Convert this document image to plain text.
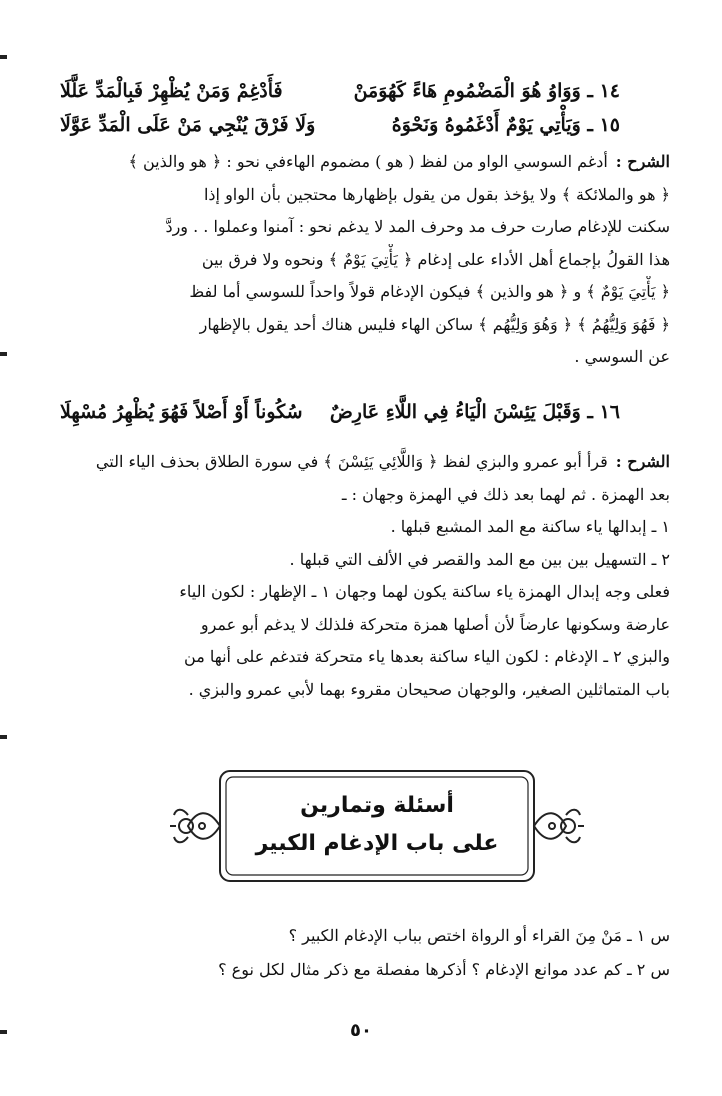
١٤ ـ وَوَاوُ هُوَ الْمَضْمُومِ هَاءً كَهُوَمَنْ
فَأَدْغِمْ وَمَنْ يُظْهِرْ فَبِالْمَدِّ عَلَّلَا
١٥ ـ وَيَأْتِي يَوْمٌ أَدْغَمُوهُ وَنَحْوَهُ
وَلَا فَرْقَ يُنْجِي مَنْ عَلَى الْمَدِّ عَوَّلَا
الشرح :أدغم السوسي الواو من لفظ ( هو ) مضموم الهاءفي نحو : ﴿ هو والذين ﴾
﴿ هو والملائكة ﴾ ولا يؤخذ بقول من يقول بإظهارها محتجين بأن الواو إذا
سكنت للإدغام صارت حرف مد وحرف المد لا يدغم نحو : آمنوا وعملوا . . وردَّ
هذا القولُ بإجماع أهل الأداء على إدغام ﴿ يَأْتِيَ يَوْمٌ ﴾ ونحوه ولا فرق بين
﴿ يَأْتِيَ يَوْمٌ ﴾ و ﴿ هو والذين ﴾ فيكون الإدغام قولاً واحداً للسوسي أما لفظ
﴿ فَهُوَ وَلِيُّهُمُ ﴾ ﴿ وَهُوَ وَلِيُّهُم ﴾ ساكن الهاء فليس هناك أحد يقول بالإظهار
عن السوسي .
١٦ ـ وَقَبْلَ يَئِسْنَ الْيَاءُ فِي اللَّاءِ عَارِضٌ
سُكُوناً أَوْ أَصْلاً فَهُوَ يُظْهِرُ مُسْهِلَا
الشرح :قرأ أبو عمرو والبزي لفظ ﴿ وَاللَّائِي يَئِسْنَ ﴾ في سورة الطلاق بحذف الياء التي
بعد الهمزة . ثم لهما بعد ذلك في الهمزة وجهان : ـ
١ ـ إبدالها ياء ساكنة مع المد المشبع قبلها .
٢ ـ التسهيل بين بين مع المد والقصر في الألف التي قبلها .
فعلى وجه إبدال الهمزة ياء ساكنة يكون لهما وجهان ١ ـ الإظهار : لكون الياء
عارضة وسكونها عارضاً لأن أصلها همزة متحركة فلذلك لا يدغم أبو عمرو
والبزي ٢ ـ الإدغام : لكون الياء ساكنة بعدها ياء متحركة فتدغم على أنها من
باب المتماثلين الصغير، والوجهان صحيحان مقروء بهما لأبي عمرو والبزي .
أسئلة وتمارين
على باب الإدغام الكبير
س ١ ـ مَنْ مِنَ القراء أو الرواة اختص بباب الإدغام الكبير ؟
س ٢ ـ كم عدد موانع الإدغام ؟ أذكرها مفصلة مع ذكر مثال لكل نوع ؟
٥٠
